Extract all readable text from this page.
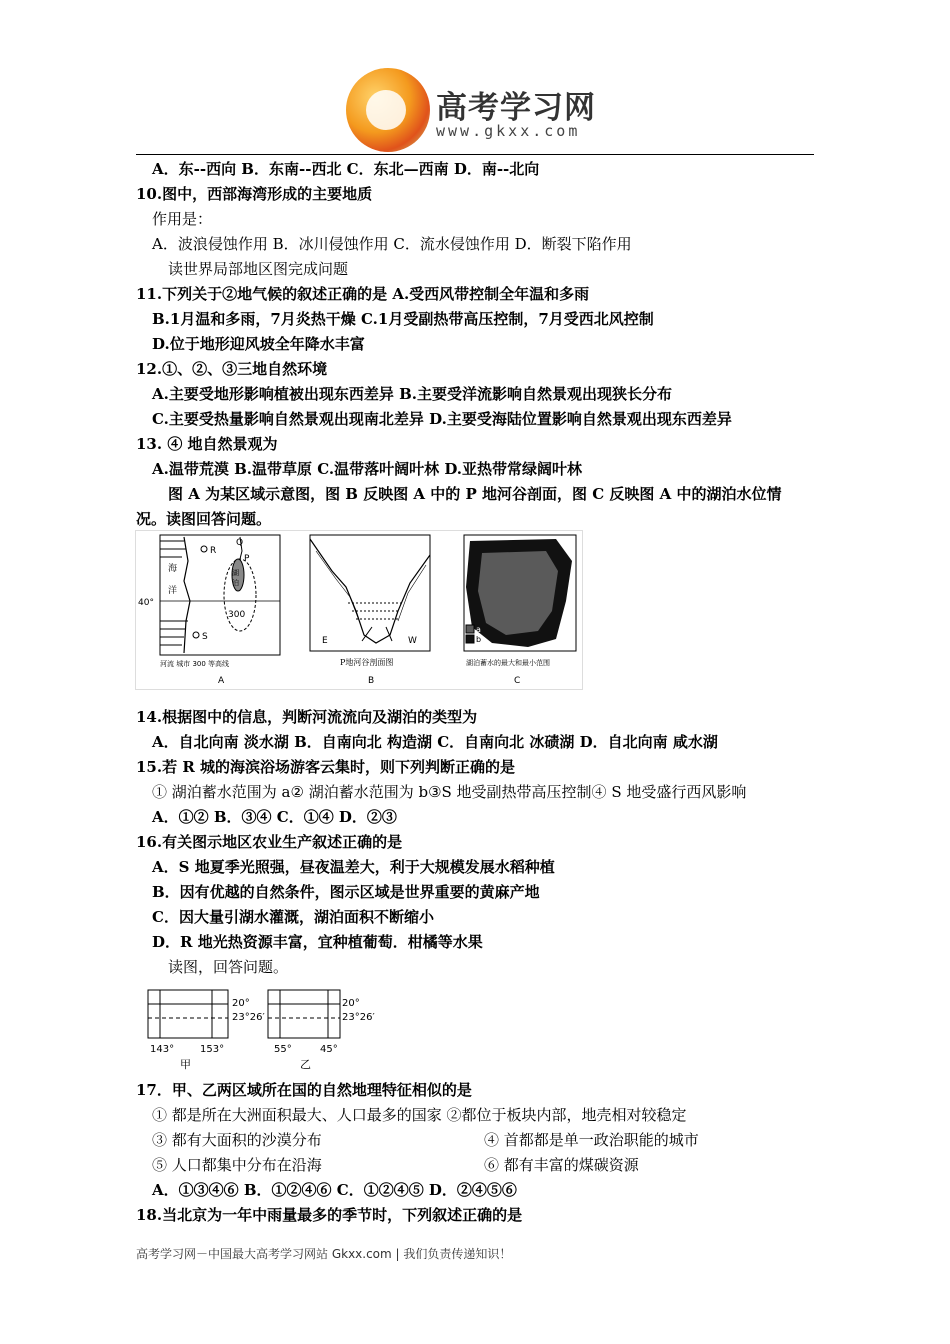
高考学习网
www.gkxx.com
A．东--西向 B．东南--西北 C．东北—西南 D．南--北向
10.图中，西部海湾形成的主要地质
作用是：
A．波浪侵蚀作用 B．冰川侵蚀作用 C．流水侵蚀作用 D．断裂下陷作用
读世界局部地区图完成问题
11.下列关于②地气候的叙述正确的是 A.受西风带控制全年温和多雨
B.1月温和多雨，7月炎热干燥 C.1月受副热带高压控制，7月受西北风控制
D.位于地形迎风坡全年降水丰富
12.①、②、③三地自然环境
A.主要受地形影响植被出现东西差异 B.主要受洋流影响自然景观出现狭长分布
C.主要受热量影响自然景观出现南北差异 D.主要受海陆位置影响自然景观出现东西差异
13. ④ 地自然景观为
A.温带荒漠 B.温带草原 C.温带落叶阔叶林 D.亚热带常绿阔叶林
图 A 为某区域示意图，图 B 反映图 A 中的 P 地河谷剖面，图 C 反映图 A 中的湖泊水位情
况。读图回答问题。
R
Q
P
S
海
洋
40°
300
湖
泊
河流 城市 300 等高线
A
E	W
P地河谷剖面图
B
a
b
湖泊蓄水的最大和最小范围
C
14.根据图中的信息，判断河流流向及湖泊的类型为
A．自北向南 淡水湖 B．自南向北 构造湖 C．自南向北 冰碛湖 D．自北向南 咸水湖
15.若 R 城的海滨浴场游客云集时，则下列判断正确的是
① 湖泊蓄水范围为 a② 湖泊蓄水范围为 b③S 地受副热带高压控制④ S 地受盛行西风影响
A．①② B．③④ C．①④ D．②③
16.有关图示地区农业生产叙述正确的是
A．S 地夏季光照强，昼夜温差大，利于大规模发展水稻种植
B．因有优越的自然条件，图示区域是世界重要的黄麻产地
C．因大量引湖水灌溉，湖泊面积不断缩小
D．R 地光热资源丰富，宜种植葡萄．柑橘等水果
读图，回答问题。
20°
23°26′
143°	153°
甲
20°
23°26′
55°	45°
乙
17．甲、乙两区域所在国的自然地理特征相似的是
① 都是所在大洲面积最大、人口最多的国家 ②都位于板块内部，地壳相对较稳定
③ 都有大面积的沙漠分布	④ 首都都是单一政治职能的城市
⑤ 人口都集中分布在沿海	⑥ 都有丰富的煤碳资源
A．①③④⑥ B．①②④⑥ C．①②④⑤ D．②④⑤⑥
18.当北京为一年中雨量最多的季节时，下列叙述正确的是
高考学习网－中国最大高考学习网站 Gkxx.com | 我们负责传递知识！
